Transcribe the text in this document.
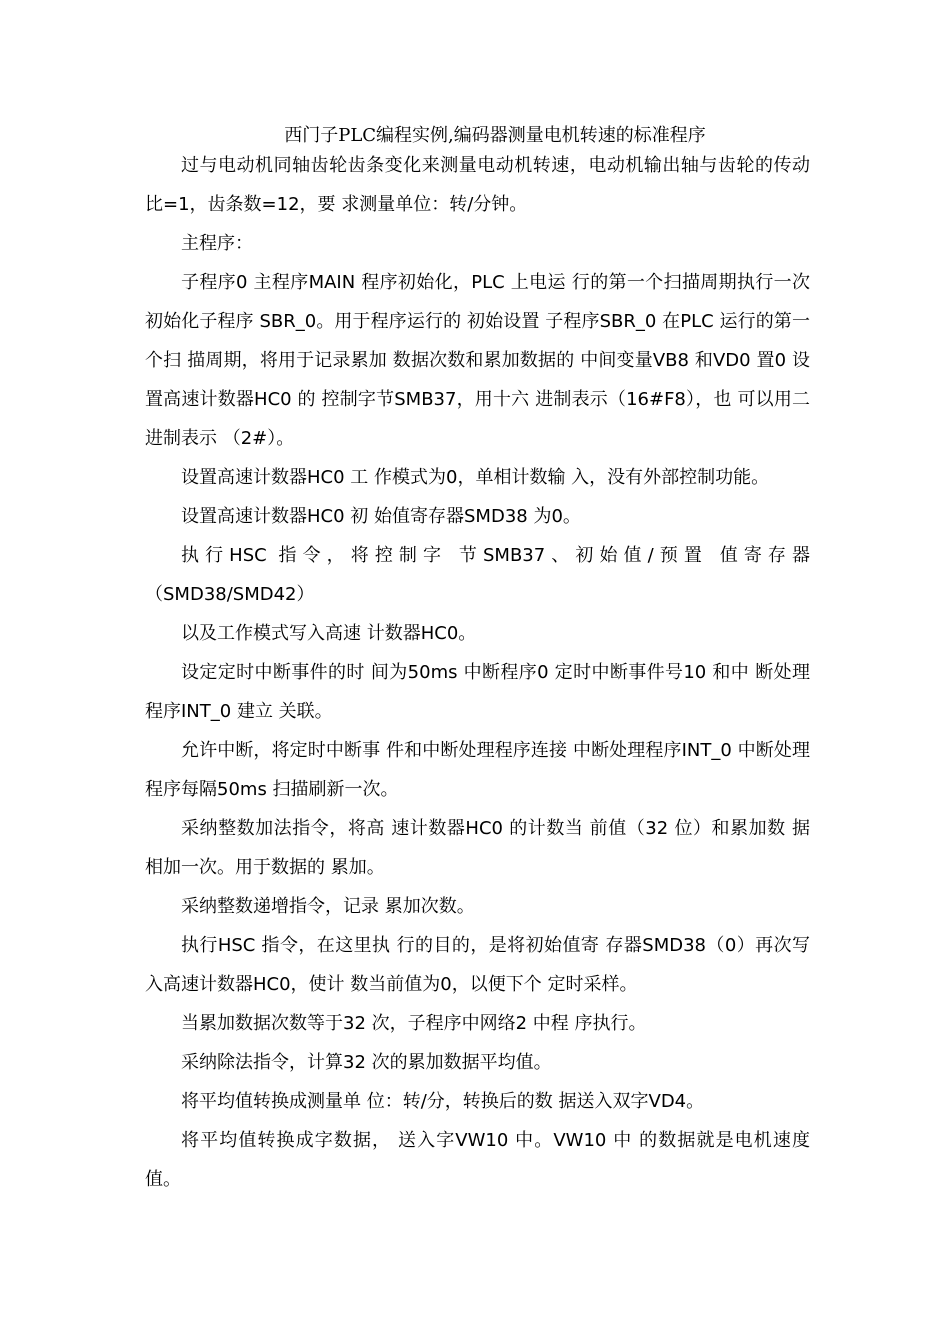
西门子PLC编程实例,编码器测量电机转速的标准程序

过与电动机同轴齿轮齿条变化来测量电动机转速，电动机输出轴与齿轮的传动比=1，齿条数=12，要 求测量单位：转/分钟。

主程序：

子程序0 主程序MAIN 程序初始化，PLC 上电运 行的第一个扫描周期执行一次初始化子程序 SBR_0。用于程序运行的 初始设置 子程序SBR_0 在PLC 运行的第一个扫 描周期，将用于记录累加 数据次数和累加数据的 中间变量VB8 和VD0 置0 设置高速计数器HC0 的 控制字节SMB37，用十六 进制表示（16#F8），也 可以用二进制表示 （2#）。

设置高速计数器HC0 工 作模式为0，单相计数输 入，没有外部控制功能。

设置高速计数器HC0 初 始值寄存器SMD38 为0。

执行HSC 指令，将控制字 节SMB37、初始值/预置 值寄存器（SMD38/SMD42）

以及工作模式写入高速 计数器HC0。

设定定时中断事件的时 间为50ms 中断程序0 定时中断事件号10 和中 断处理程序INT_0 建立 关联。

允许中断，将定时中断事 件和中断处理程序连接 中断处理程序INT_0 中断处理程序每隔50ms 扫描刷新一次。

采纳整数加法指令，将高 速计数器HC0 的计数当 前值（32 位）和累加数 据相加一次。用于数据的 累加。

采纳整数递增指令，记录 累加次数。

执行HSC 指令，在这里执 行的目的，是将初始值寄 存器SMD38（0）再次写 入高速计数器HC0，使计 数当前值为0，以便下个 定时采样。

当累加数据次数等于32 次，子程序中网络2 中程 序执行。

采纳除法指令，计算32 次的累加数据平均值。

将平均值转换成测量单 位：转/分，转换后的数 据送入双字VD4。

将平均值转换成字数据， 送入字VW10 中。VW10 中 的数据就是电机速度值。
